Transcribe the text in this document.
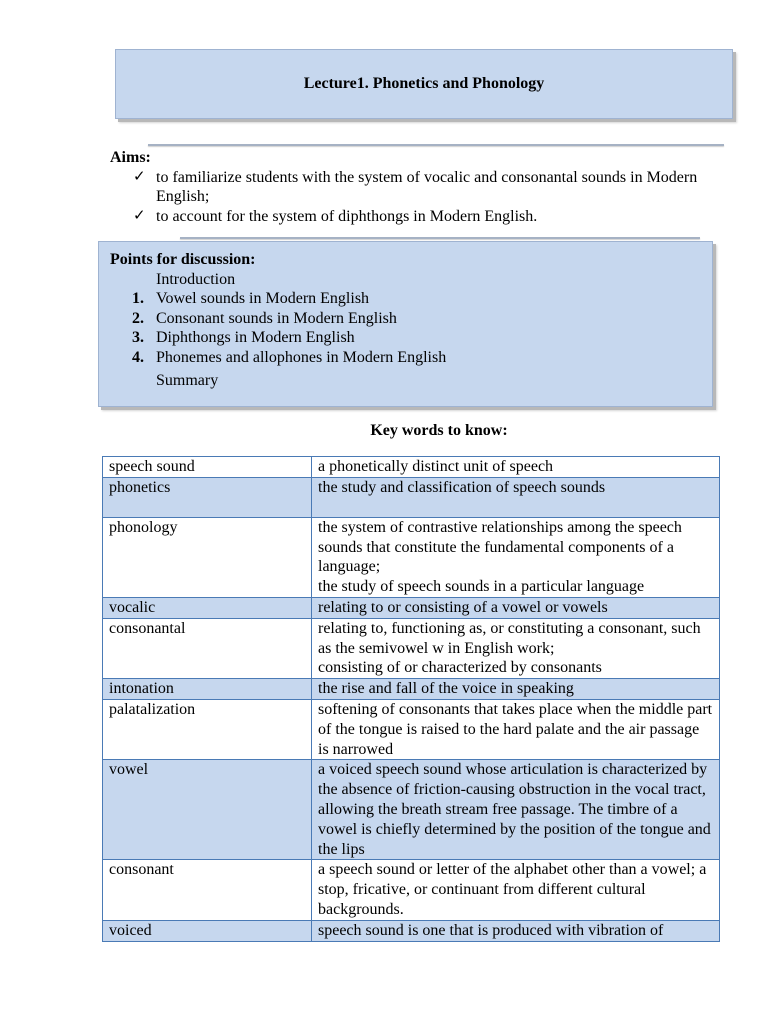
Lecture1. Phonetics and Phonology
Aims:
✓ to familiarize students with the system of vocalic and consonantal sounds in Modern English;
✓ to account for the system of diphthongs in Modern English.
Points for discussion:
Introduction
1. Vowel sounds in Modern English
2. Consonant sounds in Modern English
3. Diphthongs in Modern English
4. Phonemes and allophones in Modern English
Summary
Key words to know:
speech sound	a phonetically distinct unit of speech
phonetics	the study and classification of speech sounds
phonology	the system of contrastive relationships among the speech sounds that constitute the fundamental components of a language;
the study of speech sounds in a particular language
vocalic	relating to or consisting of a vowel or vowels
consonantal	relating to, functioning as, or constituting a consonant, such as the semivowel w in English work;
consisting of or characterized by consonants
intonation	the rise and fall of the voice in speaking
palatalization	softening of consonants that takes place when the middle part of the tongue is raised to the hard palate and the air passage is narrowed
vowel	a voiced speech sound whose articulation is characterized by the absence of friction-causing obstruction in the vocal tract, allowing the breath stream free passage. The timbre of a vowel is chiefly determined by the position of the tongue and the lips
consonant	a speech sound or letter of the alphabet other than a vowel; a stop, fricative, or continuant from different cultural backgrounds.
voiced	speech sound is one that is produced with vibration of
